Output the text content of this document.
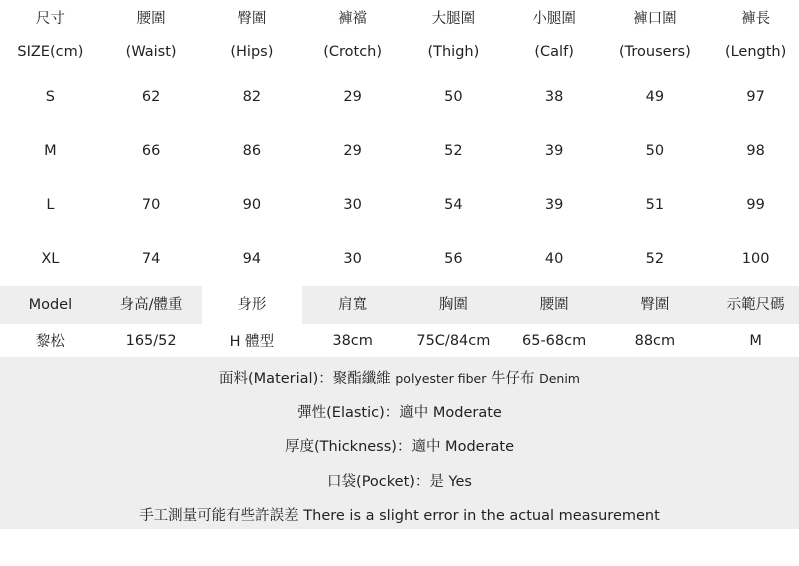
尺寸	腰圍	臀圍	褲襠	大腿圍	小腿圍	褲口圍	褲長
SIZE(cm)	(Waist)	(Hips)	(Crotch)	(Thigh)	(Calf)	(Trousers)	(Length)
S	62	82	29	50	38	49	97
M	66	86	29	52	39	50	98
L	70	90	30	54	39	51	99
XL	74	94	30	56	40	52	100
Model	身高/體重	身形	肩寬	胸圍	腰圍	臀圍	示範尺碼
黎松	165/52	H 體型	38cm	75C/84cm	65-68cm	88cm	M
面料(Material)：聚酯纖維 polyester fiber 牛仔布 Denim
彈性(Elastic)：適中 Moderate
厚度(Thickness)：適中 Moderate
口袋(Pocket)：是 Yes
手工測量可能有些許誤差 There is a slight error in the actual measurement
